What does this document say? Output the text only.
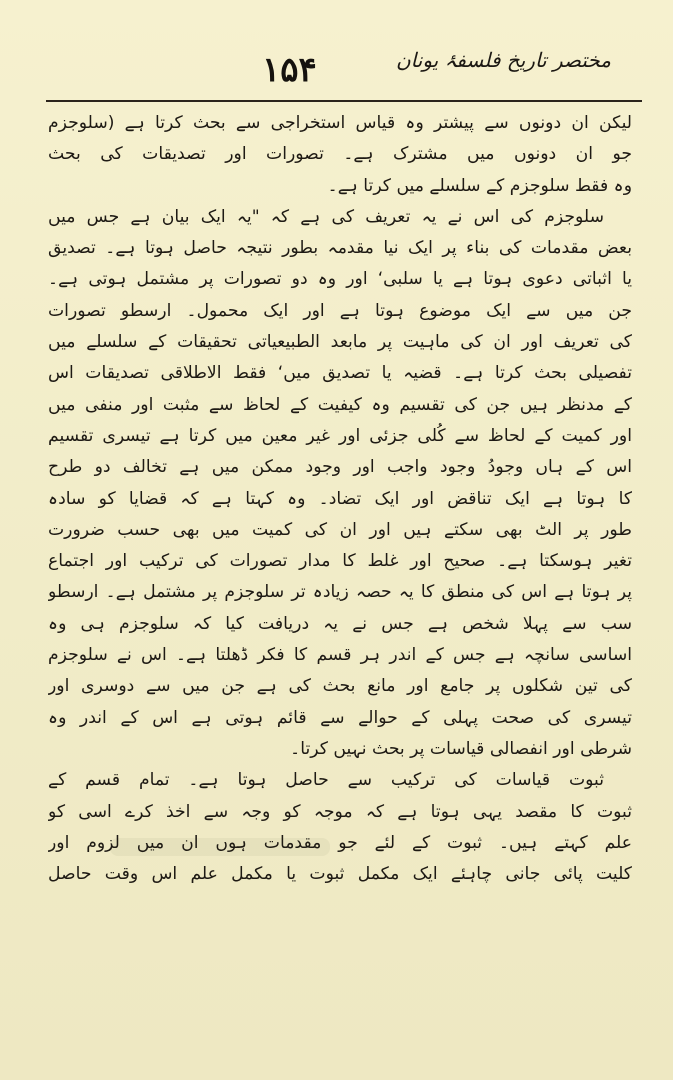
مختصر تاریخ فلسفۂ یونان
۱۵۴
لیکن ان دونوں سے پیشتر وہ قیاس استخراجی سے بحث کرتا ہے (سلوجزم
جو ان دونوں میں مشترک ہے۔ تصورات اور تصدیقات کی بحث
وہ فقط سلوجزم کے سلسلے میں کرتا ہے۔
سلوجزم کی اس نے یہ تعریف کی ہے کہ "یہ ایک بیان ہے جس میں
بعض مقدمات کی بناء پر ایک نیا مقدمہ بطور نتیجہ حاصل ہوتا ہے۔ تصدیق
یا اثباتی دعوی ہوتا ہے یا سلبی‘ اور وہ دو تصورات پر مشتمل ہوتی ہے۔
جن میں سے ایک موضوع ہوتا ہے اور ایک محمول۔ ارسطو تصورات
کی تعریف اور ان کی ماہیت پر مابعد الطبیعیاتی تحقیقات کے سلسلے میں
تفصیلی بحث کرتا ہے۔ قضیہ یا تصدیق میں‘ فقط الاطلاقی تصدیقات اس
کے مدنظر ہیں جن کی تقسیم وہ کیفیت کے لحاظ سے مثبت اور منفی میں
اور کمیت کے لحاظ سے کُلی جزئی اور غیر معین میں کرتا ہے تیسری تقسیم
اس کے ہاں وجودُ وجود واجب اور وجود ممکن میں ہے تخالف دو طرح
کا ہوتا ہے ایک تناقض اور ایک تضاد۔ وہ کہتا ہے کہ قضایا کو سادہ
طور پر الٹ بھی سکتے ہیں اور ان کی کمیت میں بھی حسب ضرورت
تغیر ہوسکتا ہے۔ صحیح اور غلط کا مدار تصورات کی ترکیب اور اجتماع
پر ہوتا ہے اس کی منطق کا یہ حصہ زیادہ تر سلوجزم پر مشتمل ہے۔ ارسطو
سب سے پہلا شخص ہے جس نے یہ دریافت کیا کہ سلوجزم ہی وہ
اساسی سانچہ ہے جس کے اندر ہر قسم کا فکر ڈھلتا ہے۔ اس نے سلوجزم
کی تین شکلوں پر جامع اور مانع بحث کی ہے جن میں سے دوسری اور
تیسری کی صحت پہلی کے حوالے سے قائم ہوتی ہے اس کے اندر وہ
شرطی اور انفصالی قیاسات پر بحث نہیں کرتا۔
ثبوت قیاسات کی ترکیب سے حاصل ہوتا ہے۔ تمام قسم کے
ثبوت کا مقصد یہی ہوتا ہے کہ موجہ کو وجہ سے اخذ کرے اسی کو
علم کہتے ہیں۔ ثبوت کے لئے جو مقدمات ہوں ان میں لزوم اور
کلیت پائی جانی چاہئے ایک مکمل ثبوت یا مکمل علم اس وقت حاصل
